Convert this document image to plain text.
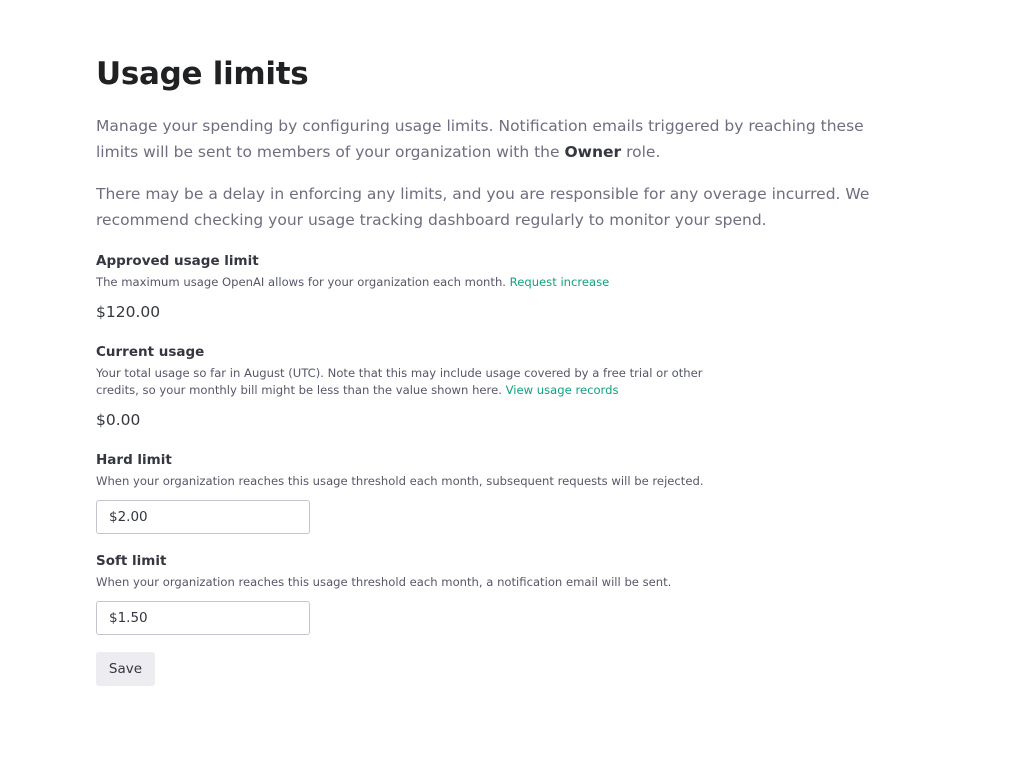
Usage limits

Manage your spending by configuring usage limits. Notification emails triggered by reaching these limits will be sent to members of your organization with the Owner role.

There may be a delay in enforcing any limits, and you are responsible for any overage incurred. We recommend checking your usage tracking dashboard regularly to monitor your spend.

Approved usage limit
The maximum usage OpenAI allows for your organization each month. Request increase
$120.00
Current usage
Your total usage so far in August (UTC). Note that this may include usage covered by a free trial or other credits, so your monthly bill might be less than the value shown here. View usage records
$0.00
Hard limit
When your organization reaches this usage threshold each month, subsequent requests will be rejected.
$2.00
Soft limit
When your organization reaches this usage threshold each month, a notification email will be sent.
$1.50
Save
